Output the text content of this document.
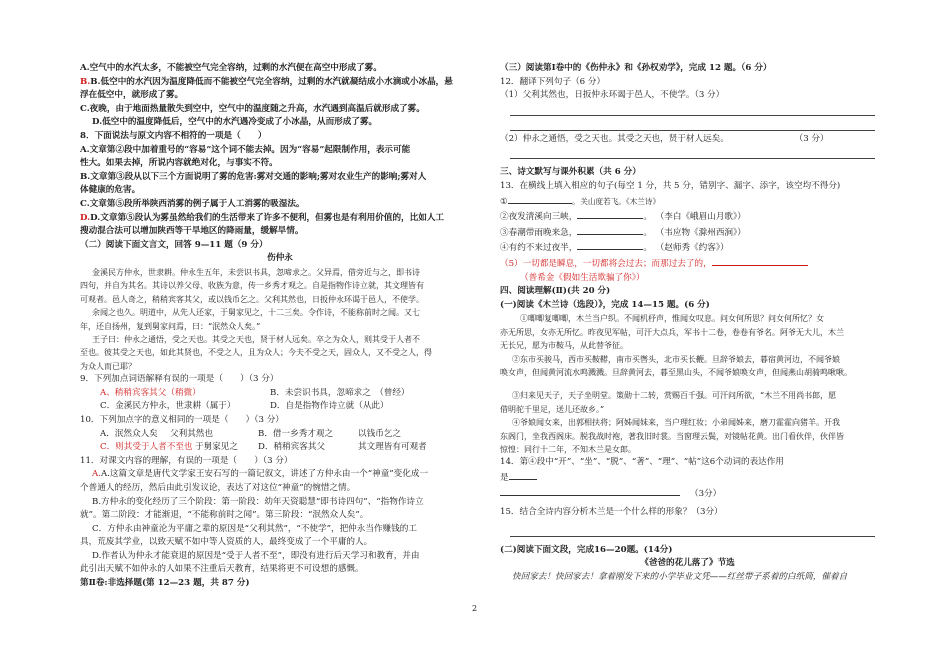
A.空气中的水汽太多，不能被空气完全容纳，过剩的水汽便在高空中形成了雾。
B.B.低空中的水汽因为温度降低而不能被空气完全容纳，过剩的水汽就凝结成小水滴或小冰晶，悬
浮在低空中，就形成了雾。
C.夜晚，由于地面热量散失到空中，空气中的温度随之升高，水汽遇到高温后就形成了雾。
D.低空中的温度降低后，空气中的水汽遇冷变成了小冰晶，从而形成了雾。
8．下面说法与原文内容不相符的一项是（　　）
A.文章第②段中加着重号的“容易”这个词不能去掉。因为“容易”起限制作用，表示可能
性大。如果去掉，所说内容就绝对化，与事实不符。
B.文章第③段从以下三个方面说明了雾的危害:雾对交通的影响;雾对农业生产的影响;雾对人
体健康的危害。
C.文章第⑤段所举陕西消雾的例子属于人工消雾的吸湿法。
D.D.文章第⑤段认为雾虽然给我们的生活带来了许多不便利，但雾也是有利用价值的，比如人工
搜动混合法可以增加陕西等干旱地区的降雨量，缓解旱情。
（二）阅读下面文言文，回答 9—11 题（9 分）
伤仲永
金溪民方仲永，世隶耕。仲永生五年，未尝识书具，忽啼求之。父异焉，借旁近与之，即书诗
四句，并自为其名。其诗以养父母、收族为意，传一乡秀才观之。自是指物作诗立就，其文理皆有
可观者。邑人奇之，稍稍宾客其父，或以钱币乞之。父利其然也，日扳仲永环谒于邑人，不使学。
余闻之也久。明道中，从先人还家，于舅家见之，十二三矣。令作诗，不能称前时之闻。又七
年，还自扬州，复到舅家问焉，曰：“泯然众人矣。”
王子曰：仲永之通悟，受之天也。其受之天也，贤于材人远矣。卒之为众人，则其受于人者不
至也。彼其受之天也，如此其贤也，不受之人，且为众人；今夫不受之天，固众人，又不受之人，得
为众人而已耶？
9．下列加点词语解释有误的一项是（　　）（3 分）
A、稍稍宾客其父（稍微）	B．未尝识书具，忽啼求之　（曾经）
C．金溪民方仲永，世隶耕（属于）	D．自是指物作诗立就（从此）
10．下列加点字的意义相同的一项是（　　）（3 分）
A．泯然众人矣 父利其然也	B．借一乡秀才观之	以钱币乞之
C．则其受于人者不至也 于舅家见之 D．稍稍宾客其父	其文理皆有可观者
11．对课文内容的理解，有误的一项是（　　）（3 分）
A.A.这篇文章是唐代文学家王安石写的一篇记叙文，讲述了方仲永由一个“神童”变化成一
个普通人的经历，然后由此引发议论，表达了对这位“神童”的惋惜之情。
B.方仲永的变化经历了三个阶段：第一阶段：幼年天资聪慧“即书诗四句”、“指物作诗立
就”。第二阶段：才能渐退，“不能称前时之闻”。第三阶段：“泯然众人矣”。
C．方仲永由神童沦为平庸之辈的原因是“父利其然”，“不使学”，把仲永当作赚钱的工
具，荒废其学业，以致天赋不如中等人资质的人，最终变成了一个平庸的人。
D.作者认为仲永才能衰退的原因是“受于人者不至”，即没有进行后天学习和教育，并由
此引出天赋不如仲永的人如果不注重后天教育，结果将更不可设想的感慨。
第Ⅱ卷:非选择题(第 12—23 题，共 87 分)
（三）阅读第Ⅰ卷中的《伤仲永》和《孙权劝学》，完成 12 题。（6 分）
12．翻译下列句子（6 分）
（1）父利其然也，日扳仲永环谒于邑人，不使学。（3 分）
（2）仲永之通悟，受之天也。其受之天也，贤于材人远矣。	（3 分）
三、诗文默写与课外积累（共 6 分）
13．在横线上填入相应的句子(每空 1 分，共 5 分，错别字、漏字、添字，该空均不得分)
①	。关山度若飞。《木兰诗》
②夜发清溪向三峡，	。 （李白《峨眉山月歌》）
③春潮带雨晚来急，	。 （韦应物《滁州西涧》）
④有约不来过夜半，	。 （赵师秀《约客》）
（5）一切都是瞬息，一切都将会过去；而那过去了的，
（普希金《假如生活欺骗了你》）
四、阅读理解(Ⅱ)(共 20 分)
(一)阅读《木兰诗（选段）》，完成 14—15 题。(6 分)
①唧唧复唧唧，木兰当户织。不闻机杼声，惟闻女叹息。问女何所思？问女何所忆？女
亦无所思，女亦无所忆。昨夜见军帖，可汗大点兵，军书十二卷，卷卷有爷名。阿爷无大儿，木兰
无长兄，愿为市鞍马，从此替爷征。
②东市买骏马，西市买鞍鞯，南市买辔头，北市买长鞭。旦辞爷娘去，暮宿黄河边，不闻爷娘
唤女声，但闻黄河流水鸣溅溅。旦辞黄河去，暮至黑山头，不闻爷娘唤女声，但闻燕山胡骑鸣啾啾。
③归来见天子，天子坐明堂。策勋十二转，赏赐百千强。可汗问所欲，“木兰不用尚书郎，愿
借明驼千里足，送儿还故乡。”
④爷娘闻女来，出郭相扶将；阿姊闻妹来，当户理红妆；小弟闻姊来，磨刀霍霍向猪羊。开我
东阁门，坐我西阁床。脱我战时袍，著我旧时裳。当窗理云鬓，对镜帖花黄。出门看伙伴，伙伴皆
惊惶：同行十二年，不知木兰是女郎。
14．第④段中“开”、“坐”、“脱”、“著”、“理”、“帖”这6个动词的表达作用
是
（3分）
15．结合全诗内容分析木兰是一个什么样的形象？（3分）
(二)阅读下面文段，完成16—20题。(14分)
《爸爸的花儿落了》节选
快回家去！快回家去！拿着刚发下来的小学毕业文凭——红丝带子系着的白纸筒，催着自
2
